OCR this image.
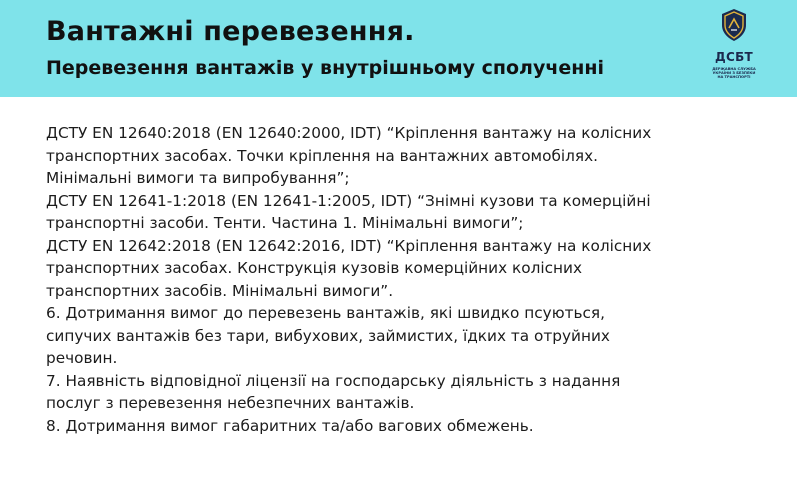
Вантажні перевезення.
Перевезення вантажів у внутрішньому сполученні	ДСБТ
ДЕРЖАВНА СЛУЖБА
УКРАЇНИ З БЕЗПЕКИ
НА ТРАНСПОРТІ
ДСТУ EN 12640:2018 (EN 12640:2000, IDT) “Кріплення вантажу на колісних
транспортних засобах. Точки кріплення на вантажних автомобілях.
Мінімальні вимоги та випробування”;
ДСТУ EN 12641-1:2018 (EN 12641-1:2005, IDT) “Знімні кузови та комерційні
транспортні засоби. Тенти. Частина 1. Мінімальні вимоги”;
ДСТУ EN 12642:2018 (EN 12642:2016, IDT) “Кріплення вантажу на колісних
транспортних засобах. Конструкція кузовів комерційних колісних
транспортних засобів. Мінімальні вимоги”.
6. Дотримання вимог до перевезень вантажів, які швидко псуються,
сипучих вантажів без тари, вибухових, займистих, їдких та отруйних
речовин.
7. Наявність відповідної ліцензії на господарську діяльність з надання
послуг з перевезення небезпечних вантажів.
8. Дотримання вимог габаритних та/або вагових обмежень.
